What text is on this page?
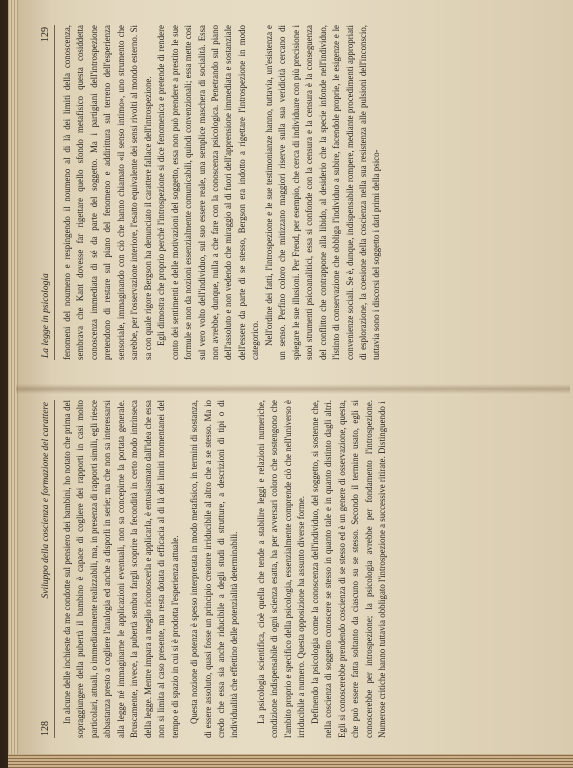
La legge in psicologia
129 fenomeni del noumeno e respingendo il noumeno al di là dei limiti della conoscenza, sembrava che Kant dovesse far rigettare quello sfondo metafisico questa cosiddetta conoscenza immediata di sé da parte del soggetto. Ma i partigiani dell'introspezione pretendono di restare sul piano del fenomeno e addirittura sul terreno dell'esperienza sensoriale, immaginando con ciò che hanno chiamato «il senso intimo», uno strumento che sarebbe, per l'osservazione interiore, l'esatto equivalente dei sensi rivolti al mondo esterno. Si sa con quale rigore Bergson ha denunciato il carattere fallace dell'introspezione. Egli dimostra che proprio perché l'introspezione si dice fenomenica e pretende di rendere conto dei sentimenti e delle motivazioni del soggetto, essa non può prendere a prestito le sue formule se non da nozioni essenzialmente comunicabili, quindi convenzionali; essa mette così sul vero volto dell'individuo, sul suo essere reale, una semplice maschera di socialità. Essa non avrebbe, dunque, nulla a che fare con la conoscenza psicologica. Penetrando sul piano dell'assoluto e non vedendo che miraggio al di fuori dell'apprensione immediata e sostanziale dell'essere da parte di se stesso, Bergson era indotto a rigettare l'introspezione in modo categorico. Nell'ordine dei fatti, l'introspezione e le sue testimonianze hanno, tuttavia, un'esistenza e un senso. Perfino coloro che mitizzano maggiori riserve sulla sua veridicità cercano di spiegare le sue illusioni. Per Freud, per esempio, che cerca di individuare con più precisione i suoi strumenti psicoanalitici, essa si confonde con la censura e la censura è la conseguenza del conflitto che contrappone alla libido, al desiderio che la specie infonde nell'individuo, l'istinto di conservazione che obbliga l'individuo a subire, facendole proprie, le esigenze e le convenienze sociali. Se è, dunque, indispensabile rompere, mediante procedimenti appropriati di esplorazione, la coesione della coscienza nella sua resistenza alle pulsioni dell'inconscio, tuttavia sono i discorsi del soggetto i dati primi della psico-

128
Sviluppo della coscienza e formazione del carattere In alcune delle inchieste da me condotte sul pensiero dei bambini, ho notato che prima del sopraggiungere della pubertà il bambino è capace di cogliere dei rapporti in casi molto particolari, attuali, o immediatamente realizzabili, ma, in presenza di rapporti simili, egli riesce abbastanza presto a cogliere l'analogia ed anche a disporli in serie; ma che non sa interessarsi alla legge né immaginarne le applicazioni eventuali, non sa concepirne la portata generale. Bruscamente, invece, la pubertà sembra fargli scoprire la fecondità in certo modo intrinseca della legge. Mentre impara a meglio riconoscerla e applicarla, è entusiasmato dall'idea che essa non si limita al caso presente, ma resta dotata di efficacia al di là dei limiti momentanei del tempo e di spazio in cui si è prodotta l'esperienza attuale. Questa nozione di potenza è spesso interpretata in modo metafisico, in termini di sostanza, di essere assoluto, quasi fosse un principio creatore irriducibile al altro che a se stesso. Ma io credo che essa sia anche riducibile a degli studi di strutture, a descrizioni di tipi o di individualità che effettino delle potenzialità determinabili. La psicologia scientifica, cioè quella che tende a stabilire leggi e relazioni numeriche, condizione indispensabile di ogni scienza esatta, ha per avversari coloro che sostengono che l'ambito proprio e specifico della psicologia, essenzialmente comprende ciò che nell'universo è irriducibile a numero. Questa opposizione ha assunto diverse forme. Definendo la psicologia come la conoscenza dell'individuo, del soggetto, si sostenne che, nella coscienza di soggetto conoscere se stesso in quanto tale e in quanto distinto dagli altri. Egli si conoscerebbe prendendo coscienza di se stesso ed è un genere di osservazione, questa, che può essere fatta soltanto da ciascuno su se stesso. Secondo il termine usato, egli si conoscerebbe per introspezione; la psicologia avrebbe per fondamento l'introspezione. Numerose critiche hanno tuttavia obbligato l'introspezione a successive ritirate. Distinguendo i
